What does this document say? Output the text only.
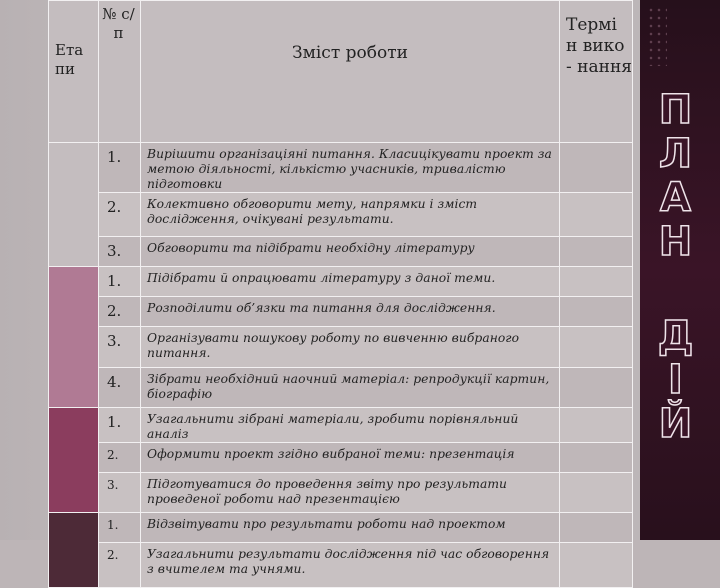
П
Л
А
Н
Д
І
Й
Ета пи	№ с/п	Зміст роботи	Термі н вико - нання
	1.	Вирішити організаціяні питання. Класицікувати проект за метою діяльності, кількістю учасників, тривалістю підготовки	
	2.	Колективно обговорити мету, напрямки і зміст дослідження, очікувані результати.	
	3.	Обговорити та підібрати необхідну літературу	
	1.	Підібрати й опрацювати літературу з даної теми.	
	2.	Розподілити об’язки та питання для дослідження.	
	3.	Організувати пошукову роботу по вивченню вибраного питання.	
	4.	Зібрати необхідний наочний матеріал: репродукції картин, біографію	
	1.	Узагальнити зібрані матеріали, зробити порівняльний аналіз	
	2.	Оформити проект згідно вибраної теми: презентація	
	3.	Підготуватися до проведення звіту про результати проведеної роботи над презентацією	
	1.	Відзвітувати про результати роботи над проектом	
	2.	Узагальнити результати дослідження під час обговорення з вчителем та учнями.	
